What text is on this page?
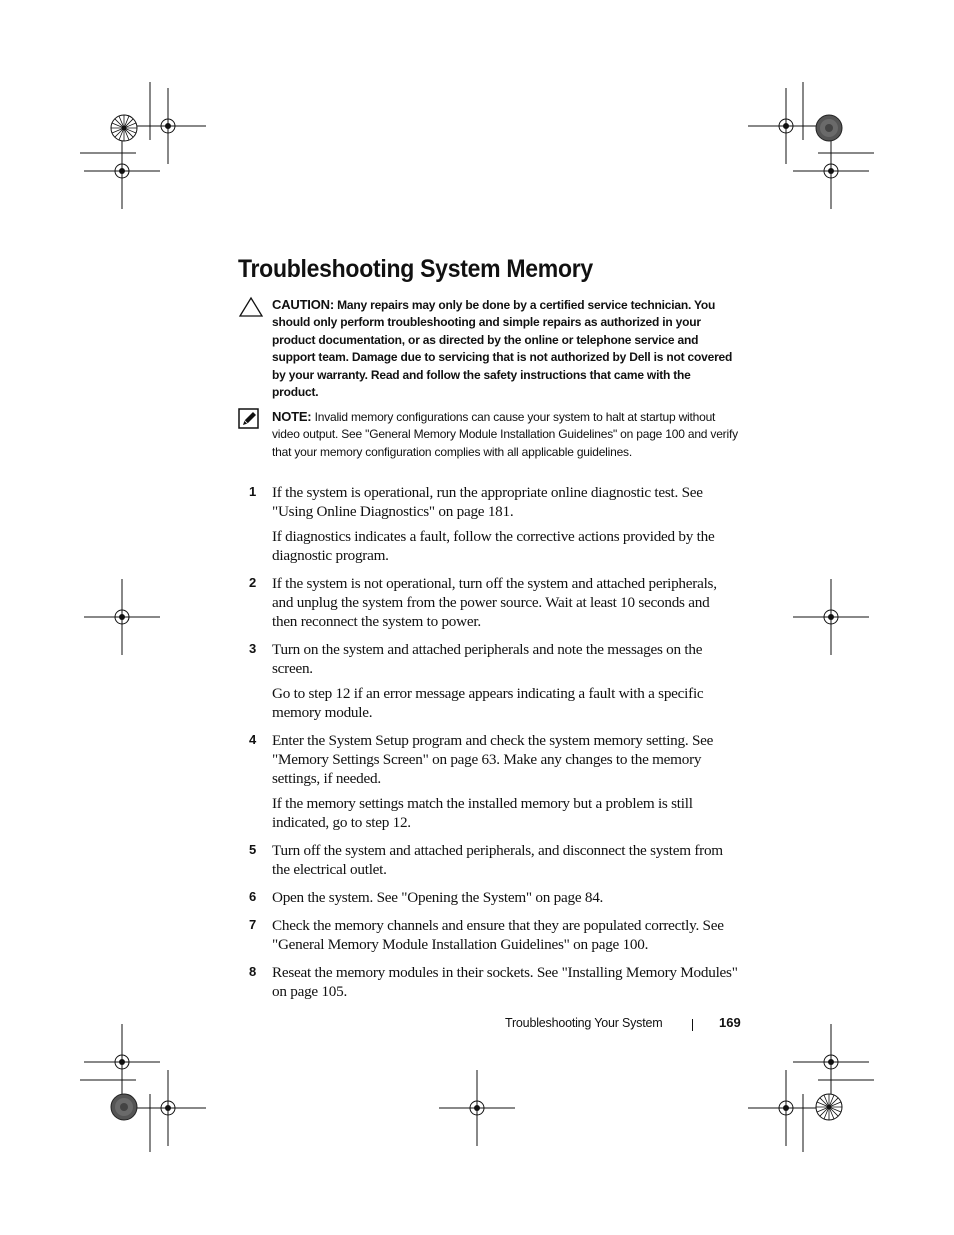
Troubleshooting System Memory

CAUTION: Many repairs may only be done by a certified service technician. You should only perform troubleshooting and simple repairs as authorized in your product documentation, or as directed by the online or telephone service and support team. Damage due to servicing that is not authorized by Dell is not covered by your warranty. Read and follow the safety instructions that came with the product.

NOTE: Invalid memory configurations can cause your system to halt at startup without video output. See "General Memory Module Installation Guidelines" on page 100 and verify that your memory configuration complies with all applicable guidelines.

1 If the system is operational, run the appropriate online diagnostic test. See "Using Online Diagnostics" on page 181.

If diagnostics indicates a fault, follow the corrective actions provided by the diagnostic program.

2 If the system is not operational, turn off the system and attached peripherals, and unplug the system from the power source. Wait at least 10 seconds and then reconnect the system to power.

3 Turn on the system and attached peripherals and note the messages on the screen.

Go to step 12 if an error message appears indicating a fault with a specific memory module.

4 Enter the System Setup program and check the system memory setting. See "Memory Settings Screen" on page 63. Make any changes to the memory settings, if needed.

If the memory settings match the installed memory but a problem is still indicated, go to step 12.

5 Turn off the system and attached peripherals, and disconnect the system from the electrical outlet.

6 Open the system. See "Opening the System" on page 84.

7 Check the memory channels and ensure that they are populated correctly. See "General Memory Module Installation Guidelines" on page 100.

8 Reseat the memory modules in their sockets. See "Installing Memory Modules" on page 105.

Troubleshooting Your System	169
